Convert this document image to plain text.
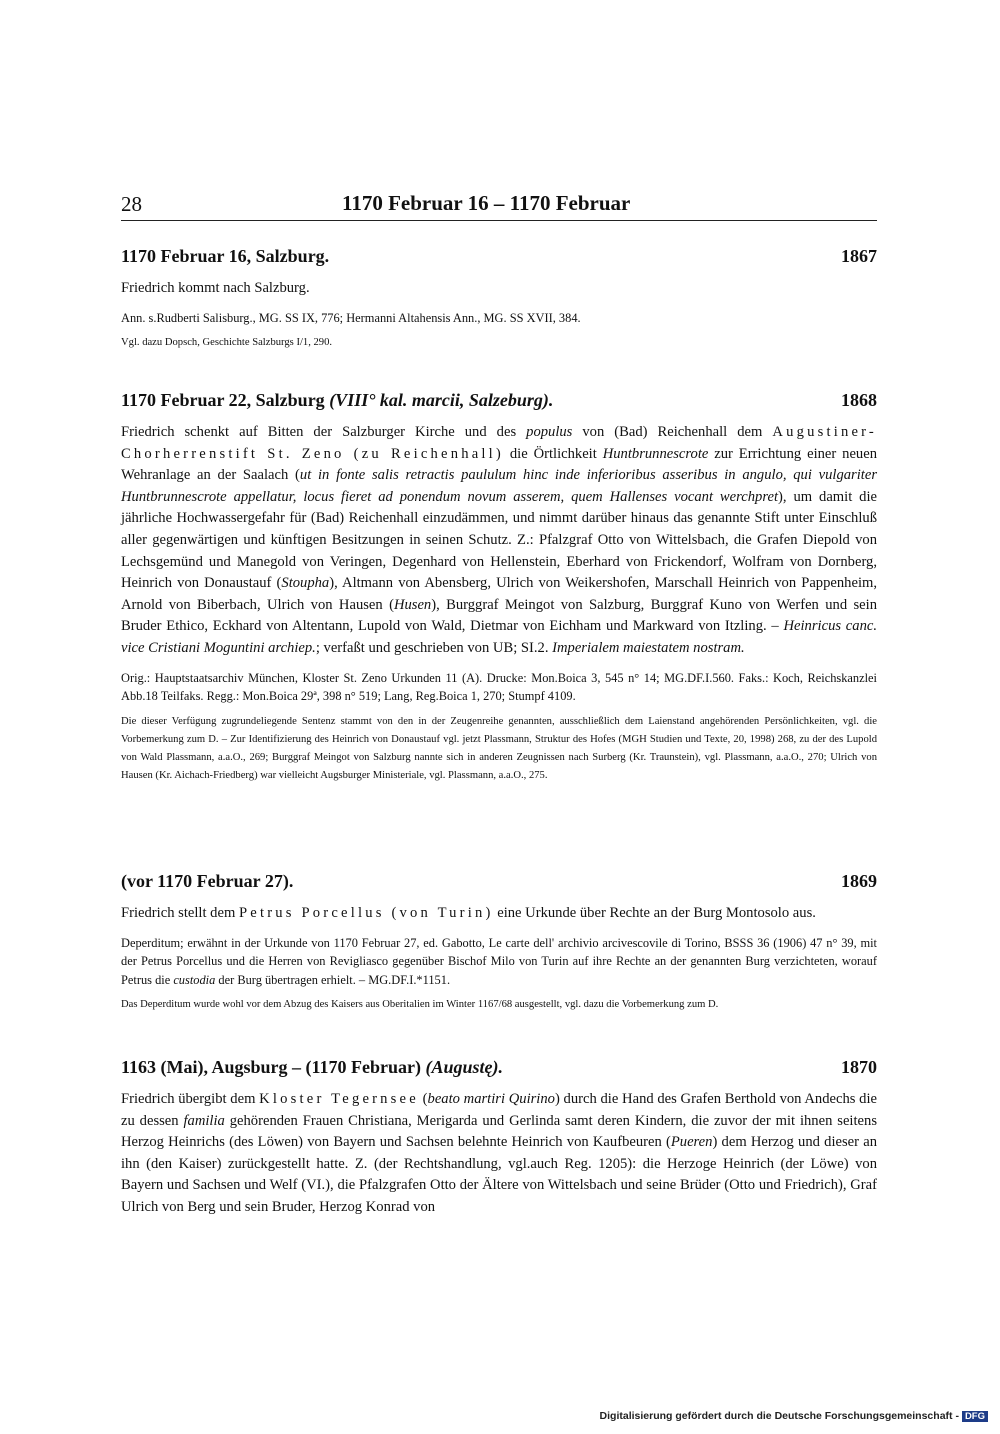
28	1170 Februar 16 – 1170 Februar
1170 Februar 16, Salzburg.	1867
Friedrich kommt nach Salzburg.
Ann. s.Rudberti Salisburg., MG. SS IX, 776; Hermanni Altahensis Ann., MG. SS XVII, 384.
Vgl. dazu Dopsch, Geschichte Salzburgs I/1, 290.
1170 Februar 22, Salzburg (VIII° kal. marcii, Salzeburg).	1868
Friedrich schenkt auf Bitten der Salzburger Kirche und des populus von (Bad) Reichenhall dem Augustiner-Chorherrenstift St. Zeno (zu Reichenhall) die Örtlichkeit Huntbrunnescrote zur Errichtung einer neuen Wehranlage an der Saalach (ut in fonte salis retractis paululum hinc inde inferioribus asseribus in angulo, qui vulgariter Huntbrunnescrote appellatur, locus fieret ad ponendum novum asserem, quem Hallenses vocant werchpret), um damit die jährliche Hochwassergefahr für (Bad) Reichenhall einzudämmen, und nimmt darüber hinaus das genannte Stift unter Einschluß aller gegenwärtigen und künftigen Besitzungen in seinen Schutz. Z.: Pfalzgraf Otto von Wittelsbach, die Grafen Diepold von Lechsgemünd und Manegold von Veringen, Degenhard von Hellenstein, Eberhard von Frickendorf, Wolfram von Dornberg, Heinrich von Donaustauf (Stoupha), Altmann von Abensberg, Ulrich von Weikershofen, Marschall Heinrich von Pappenheim, Arnold von Biberbach, Ulrich von Hausen (Husen), Burggraf Meingot von Salzburg, Burggraf Kuno von Werfen und sein Bruder Ethico, Eckhard von Altentann, Lupold von Wald, Dietmar von Eichham und Markward von Itzling. – Heinricus canc. vice Cristiani Moguntini archiep.; verfaßt und geschrieben von UB; SI.2. Imperialem maiestatem nostram.
Orig.: Hauptstaatsarchiv München, Kloster St. Zeno Urkunden 11 (A). Drucke: Mon.Boica 3, 545 n° 14; MG.DF.I.560. Faks.: Koch, Reichskanzlei Abb.18 Teilfaks. Regg.: Mon.Boica 29ª, 398 n° 519; Lang, Reg.Boica 1, 270; Stumpf 4109.
Die dieser Verfügung zugrundeliegende Sentenz stammt von den in der Zeugenreihe genannten, ausschließlich dem Laienstand angehörenden Persönlichkeiten, vgl. die Vorbemerkung zum D. – Zur Identifizierung des Heinrich von Donaustauf vgl. jetzt Plassmann, Struktur des Hofes (MGH Studien und Texte, 20, 1998) 268, zu der des Lupold von Wald Plassmann, a.a.O., 269; Burggraf Meingot von Salzburg nannte sich in anderen Zeugnissen nach Surberg (Kr. Traunstein), vgl. Plassmann, a.a.O., 270; Ulrich von Hausen (Kr. Aichach-Friedberg) war vielleicht Augsburger Ministeriale, vgl. Plassmann, a.a.O., 275.
(vor 1170 Februar 27).	1869
Friedrich stellt dem Petrus Porcellus (von Turin) eine Urkunde über Rechte an der Burg Montosolo aus.
Deperditum; erwähnt in der Urkunde von 1170 Februar 27, ed. Gabotto, Le carte dell' archivio arcivescovile di Torino, BSSS 36 (1906) 47 n° 39, mit der Petrus Porcellus und die Herren von Revigliasco gegenüber Bischof Milo von Turin auf ihre Rechte an der genannten Burg verzichteten, worauf Petrus die custodia der Burg übertragen erhielt. – MG.DF.I.*1151.
Das Deperditum wurde wohl vor dem Abzug des Kaisers aus Oberitalien im Winter 1167/68 ausgestellt, vgl. dazu die Vorbemerkung zum D.
1163 (Mai), Augsburg – (1170 Februar) (Augustę).	1870
Friedrich übergibt dem Kloster Tegernsee (beato martiri Quirino) durch die Hand des Grafen Berthold von Andechs die zu dessen familia gehörenden Frauen Christiana, Merigarda und Gerlinda samt deren Kindern, die zuvor der mit ihnen seitens Herzog Heinrichs (des Löwen) von Bayern und Sachsen belehnte Heinrich von Kaufbeuren (Pueren) dem Herzog und dieser an ihn (den Kaiser) zurückgestellt hatte. Z. (der Rechtshandlung, vgl.auch Reg. 1205): die Herzoge Heinrich (der Löwe) von Bayern und Sachsen und Welf (VI.), die Pfalzgrafen Otto der Ältere von Wittelsbach und seine Brüder (Otto und Friedrich), Graf Ulrich von Berg und sein Bruder, Herzog Konrad von
Digitalisierung gefördert durch die Deutsche Forschungsgemeinschaft - DFG
